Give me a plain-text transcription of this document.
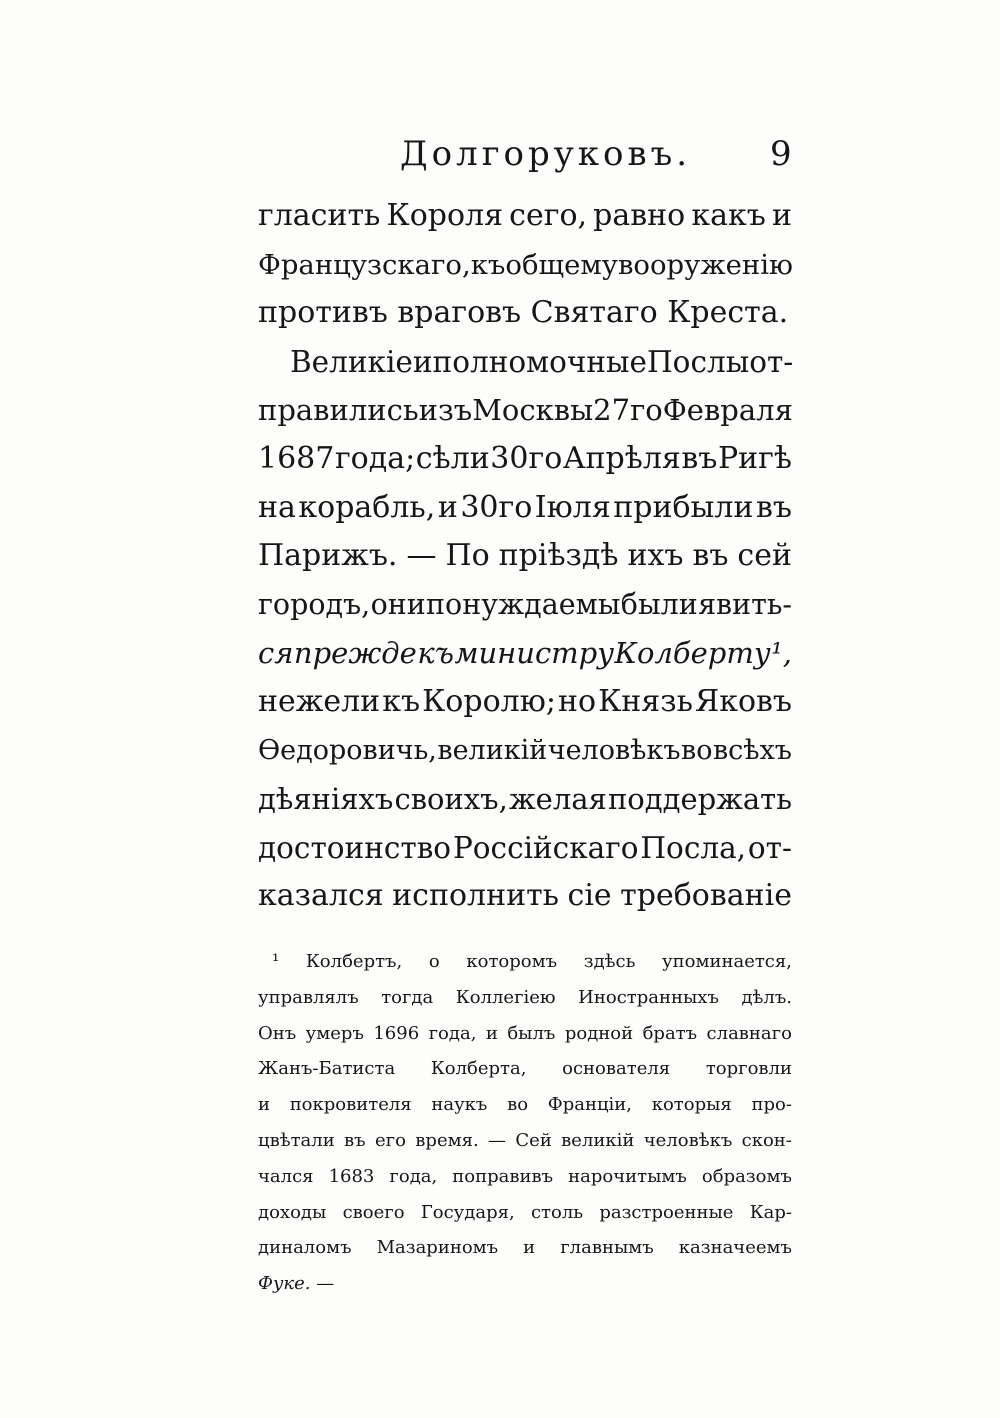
Долгоруковъ. 9
гласить Короля сего, равно какъ и
Французскаго, къ общему вооруженію
противъ враговъ Святаго Креста.
Великіе и полномочные Послы от-
правились изъ Москвы 27го Февраля
1687 года; сѣли 30го Апрѣля въ Ригѣ
на корабль, и 30го Іюля прибыли въ
Парижъ. — По пріѣздѣ ихъ въ сей
городъ, они понуждаемы были явить-
ся прежде къ министру Колберту ¹,
нежели къ Королю; но Князь Яковъ
Ѳедоровичь, великій человѣкъ во всѣхъ
дѣяніяхъ своихъ, желая поддержать
достоинство Россійскаго Посла, от-
казался исполнить сіе требованіе
¹ Колбертъ, о которомъ здѣсь упоминается,
управлялъ тогда Коллегіею Иностранныхъ дѣлъ.
Онъ умеръ 1696 года, и былъ родной братъ славнаго
Жанъ-Батиста Колберта, основателя торговли
и покровителя наукъ во Франціи, которыя про-
цвѣтали въ его время. — Сей великій человѣкъ скон-
чался 1683 года, поправивъ нарочитымъ образомъ
доходы своего Государя, столь разстроенные Кар-
диналомъ Мазариномъ и главнымъ казначеемъ
Фуке. —
